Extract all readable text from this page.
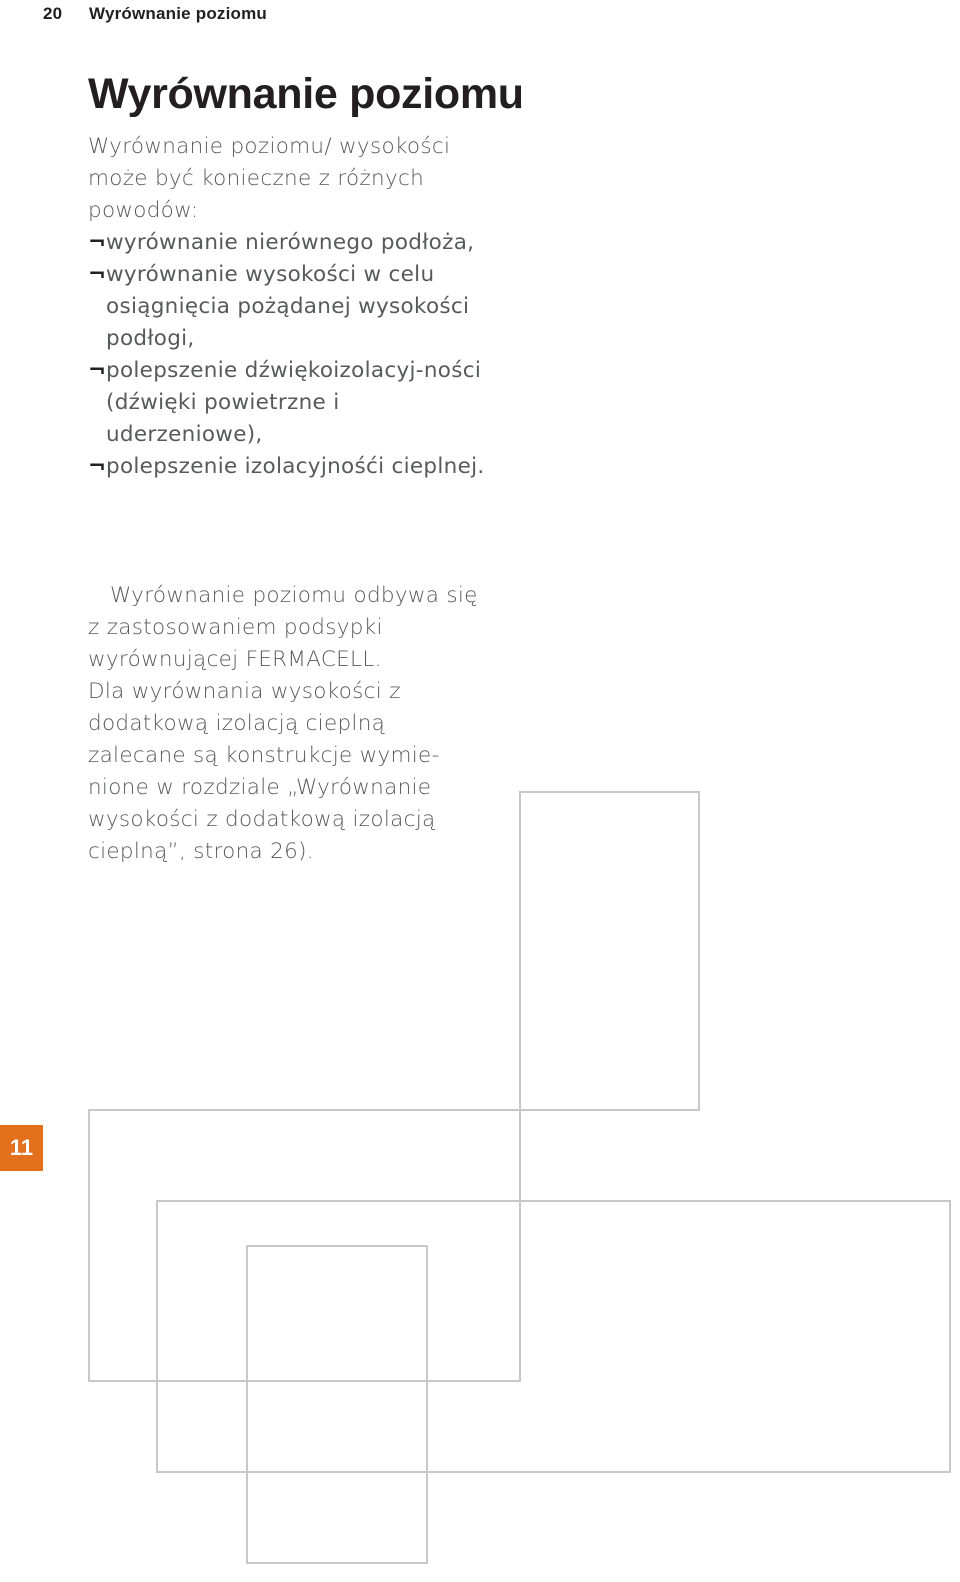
20 Wyrównanie poziomu
Wyrównanie poziomu
Wyrównanie poziomu/ wysokości może być konieczne z różnych powodów:
¬ wyrównanie nierównego podłoża,
¬ wyrównanie wysokości w celu osiągnięcia pożądanej wysokości podłogi,
¬ polepszenie dźwiękoizolacyj-ności (dźwięki powietrzne i uderzeniowe),
¬ polepszenie izolacyjnośći cieplnej.
Wyrównanie poziomu odbywa się z zastosowaniem podsypki wyrównującej FERMACELL.
Dla wyrównania wysokości z dodatkową izolacją cieplną zalecane są konstrukcje wymie-nione w rozdziale „Wyrównanie wysokości z dodatkową izolacją cieplną”, strona 26).
11
